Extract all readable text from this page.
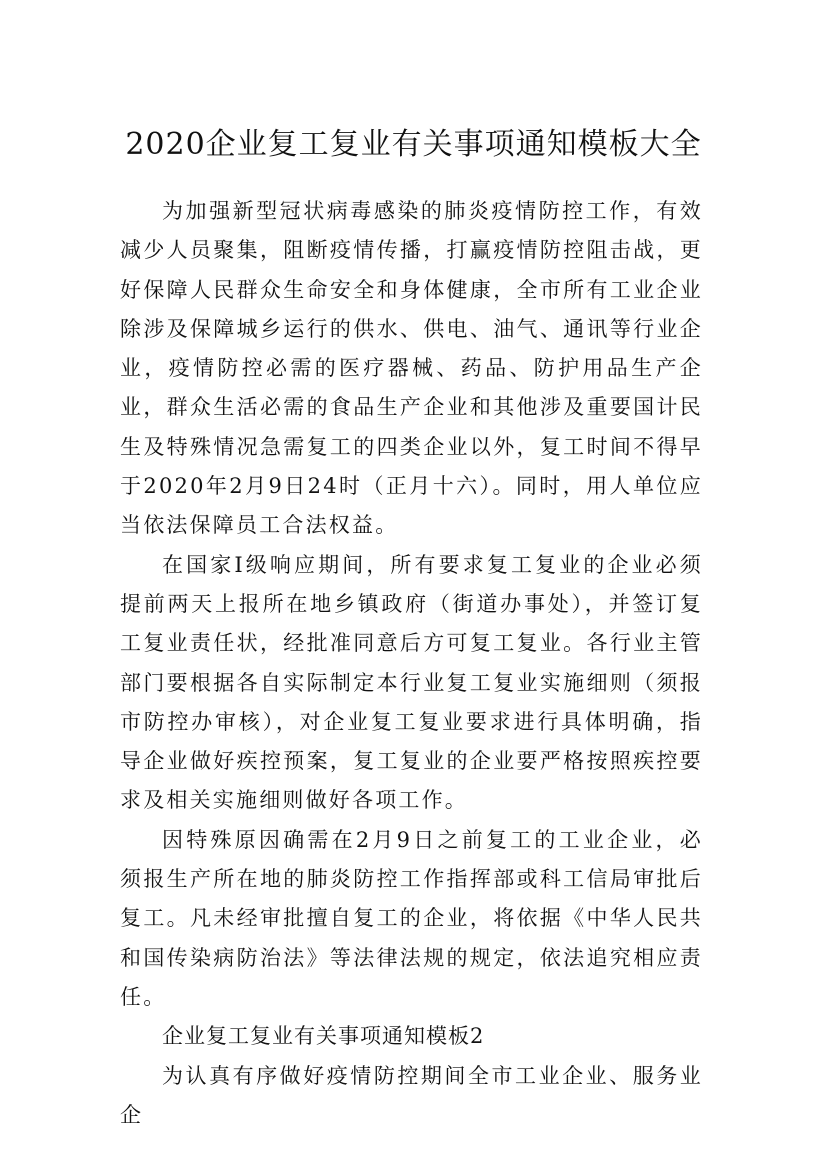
2020企业复工复业有关事项通知模板大全

为加强新型冠状病毒感染的肺炎疫情防控工作，有效减少人员聚集，阻断疫情传播，打赢疫情防控阻击战，更好保障人民群众生命安全和身体健康，全市所有工业企业除涉及保障城乡运行的供水、供电、油气、通讯等行业企业，疫情防控必需的医疗器械、药品、防护用品生产企业，群众生活必需的食品生产企业和其他涉及重要国计民生及特殊情况急需复工的四类企业以外，复工时间不得早于2020年2月9日24时（正月十六）。同时，用人单位应当依法保障员工合法权益。

在国家I级响应期间，所有要求复工复业的企业必须提前两天上报所在地乡镇政府（街道办事处），并签订复工复业责任状，经批准同意后方可复工复业。各行业主管部门要根据各自实际制定本行业复工复业实施细则（须报市防控办审核），对企业复工复业要求进行具体明确，指导企业做好疾控预案，复工复业的企业要严格按照疾控要求及相关实施细则做好各项工作。

因特殊原因确需在2月9日之前复工的工业企业，必须报生产所在地的肺炎防控工作指挥部或科工信局审批后复工。凡未经审批擅自复工的企业，将依据《中华人民共和国传染病防治法》等法律法规的规定，依法追究相应责任。

企业复工复业有关事项通知模板2

为认真有序做好疫情防控期间全市工业企业、服务业企
